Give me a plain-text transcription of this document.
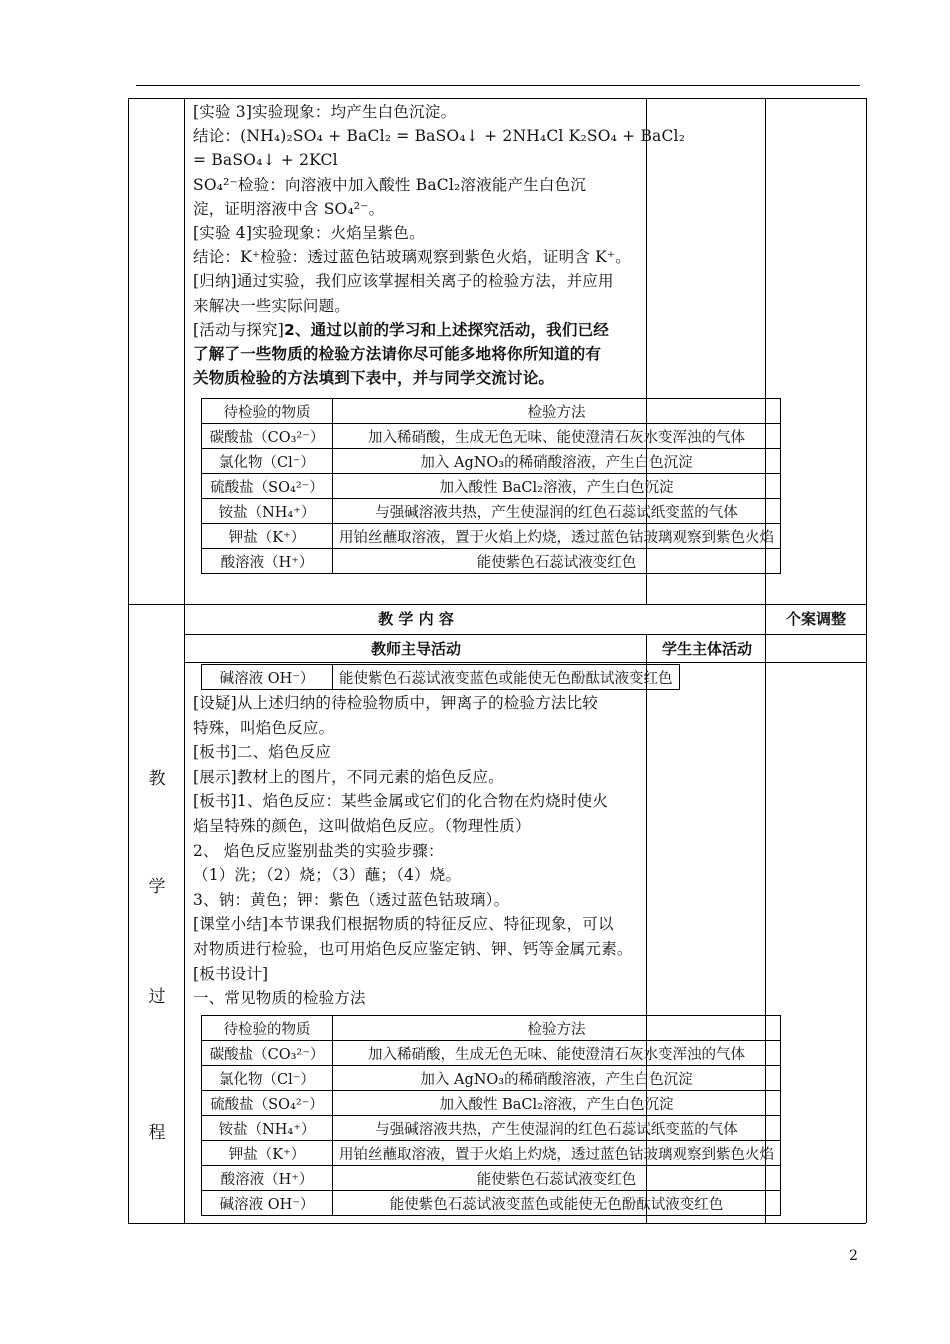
[实验 3]实验现象：均产生白色沉淀。
结论：(NH₄)₂SO₄ + BaCl₂ = BaSO₄↓ + 2NH₄Cl K₂SO₄ + BaCl₂
= BaSO₄↓ + 2KCl
SO₄²⁻检验：向溶液中加入酸性 BaCl₂溶液能产生白色沉
淀，证明溶液中含 SO₄²⁻。
[实验 4]实验现象：火焰呈紫色。
结论：K⁺检验：透过蓝色钴玻璃观察到紫色火焰，证明含 K⁺。
[归纳]通过实验，我们应该掌握相关离子的检验方法，并应用
来解决一些实际问题。
[活动与探究]2、通过以前的学习和上述探究活动，我们已经
了解了一些物质的检验方法请你尽可能多地将你所知道的有
关物质检验的方法填到下表中，并与同学交流讨论。
待检验的物质	检验方法
碳酸盐（CO₃²⁻）	加入稀硝酸，生成无色无味、能使澄清石灰水变浑浊的气体
氯化物（Cl⁻）	加入 AgNO₃的稀硝酸溶液，产生白色沉淀
硫酸盐（SO₄²⁻）	加入酸性 BaCl₂溶液，产生白色沉淀
铵盐（NH₄⁺）	与强碱溶液共热，产生使湿润的红色石蕊试纸变蓝的气体
钾盐（K⁺）	用铂丝蘸取溶液，置于火焰上灼烧，透过蓝色钴玻璃观察到紫色火焰
酸溶液（H⁺）	能使紫色石蕊试液变红色
教 学 内 容	个案调整
教师主导活动	学生主体活动
教
学
过
程
碱溶液 OH⁻）	能使紫色石蕊试液变蓝色或能使无色酚酞试液变红色
[设疑]从上述归纳的待检验物质中，钾离子的检验方法比较
特殊，叫焰色反应。
[板书]二、焰色反应
[展示]教材上的图片，不同元素的焰色反应。
[板书]1、焰色反应：某些金属或它们的化合物在灼烧时使火
焰呈特殊的颜色，这叫做焰色反应。（物理性质）
2、 焰色反应鉴别盐类的实验步骤：
（1）洗；（2）烧；（3）蘸；（4）烧。
3、钠：黄色；钾：紫色（透过蓝色钴玻璃）。
[课堂小结]本节课我们根据物质的特征反应、特征现象，可以
对物质进行检验，也可用焰色反应鉴定钠、钾、钙等金属元素。
[板书设计]
一、常见物质的检验方法
待检验的物质	检验方法
碳酸盐（CO₃²⁻）	加入稀硝酸，生成无色无味、能使澄清石灰水变浑浊的气体
氯化物（Cl⁻）	加入 AgNO₃的稀硝酸溶液，产生白色沉淀
硫酸盐（SO₄²⁻）	加入酸性 BaCl₂溶液，产生白色沉淀
铵盐（NH₄⁺）	与强碱溶液共热，产生使湿润的红色石蕊试纸变蓝的气体
钾盐（K⁺）	用铂丝蘸取溶液，置于火焰上灼烧，透过蓝色钴玻璃观察到紫色火焰
酸溶液（H⁺）	能使紫色石蕊试液变红色
碱溶液 OH⁻）	能使紫色石蕊试液变蓝色或能使无色酚酞试液变红色
2
